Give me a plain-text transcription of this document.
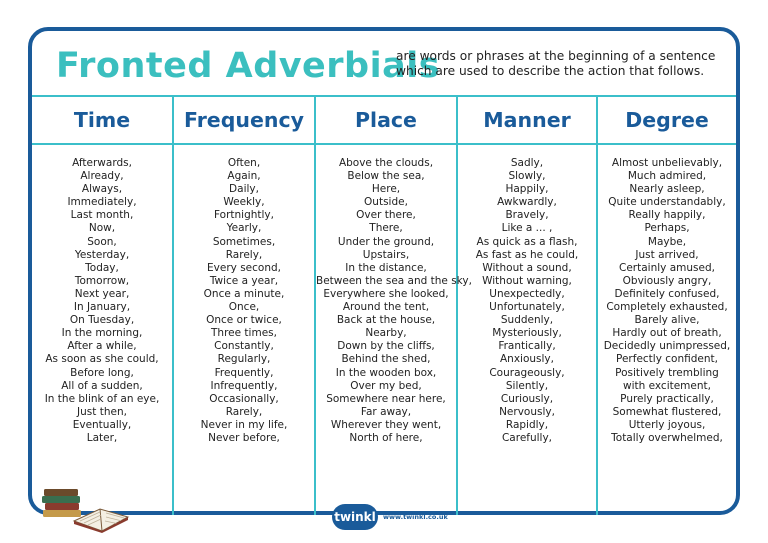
Fronted Adverbials
are words or phrases at the beginning of a sentence which are used to describe the action that follows.
Time
Afterwards,
Already,
Always,
Immediately,
Last month,
Now,
Soon,
Yesterday,
Today,
Tomorrow,
Next year,
In January,
On Tuesday,
In the morning,
After a while,
As soon as she could,
Before long,
All of a sudden,
In the blink of an eye,
Just then,
Eventually,
Later,
Frequency
Often,
Again,
Daily,
Weekly,
Fortnightly,
Yearly,
Sometimes,
Rarely,
Every second,
Twice a year,
Once a minute,
Once,
Once or twice,
Three times,
Constantly,
Regularly,
Frequently,
Infrequently,
Occasionally,
Rarely,
Never in my life,
Never before,
Place
Above the clouds,
Below the sea,
Here,
Outside,
Over there,
There,
Under the ground,
Upstairs,
In the distance,
Between the sea and the sky,
Everywhere she looked,
Around the tent,
Back at the house,
Nearby,
Down by the cliffs,
Behind the shed,
In the wooden box,
Over my bed,
Somewhere near here,
Far away,
Wherever they went,
North of here,
Manner
Sadly,
Slowly,
Happily,
Awkwardly,
Bravely,
Like a ... ,
As quick as a flash,
As fast as he could,
Without a sound,
Without warning,
Unexpectedly,
Unfortunately,
Suddenly,
Mysteriously,
Frantically,
Anxiously,
Courageously,
Silently,
Curiously,
Nervously,
Rapidly,
Carefully,
Degree
Almost unbelievably,
Much admired,
Nearly asleep,
Quite understandably,
Really happily,
Perhaps,
Maybe,
Just arrived,
Certainly amused,
Obviously angry,
Definitely confused,
Completely exhausted,
Barely alive,
Hardly out of breath,
Decidedly unimpressed,
Perfectly confident,
Positively trembling with excitement,
Purely practically,
Somewhat flustered,
Utterly joyous,
Totally overwhelmed,
twinkl	www.twinkl.co.uk
